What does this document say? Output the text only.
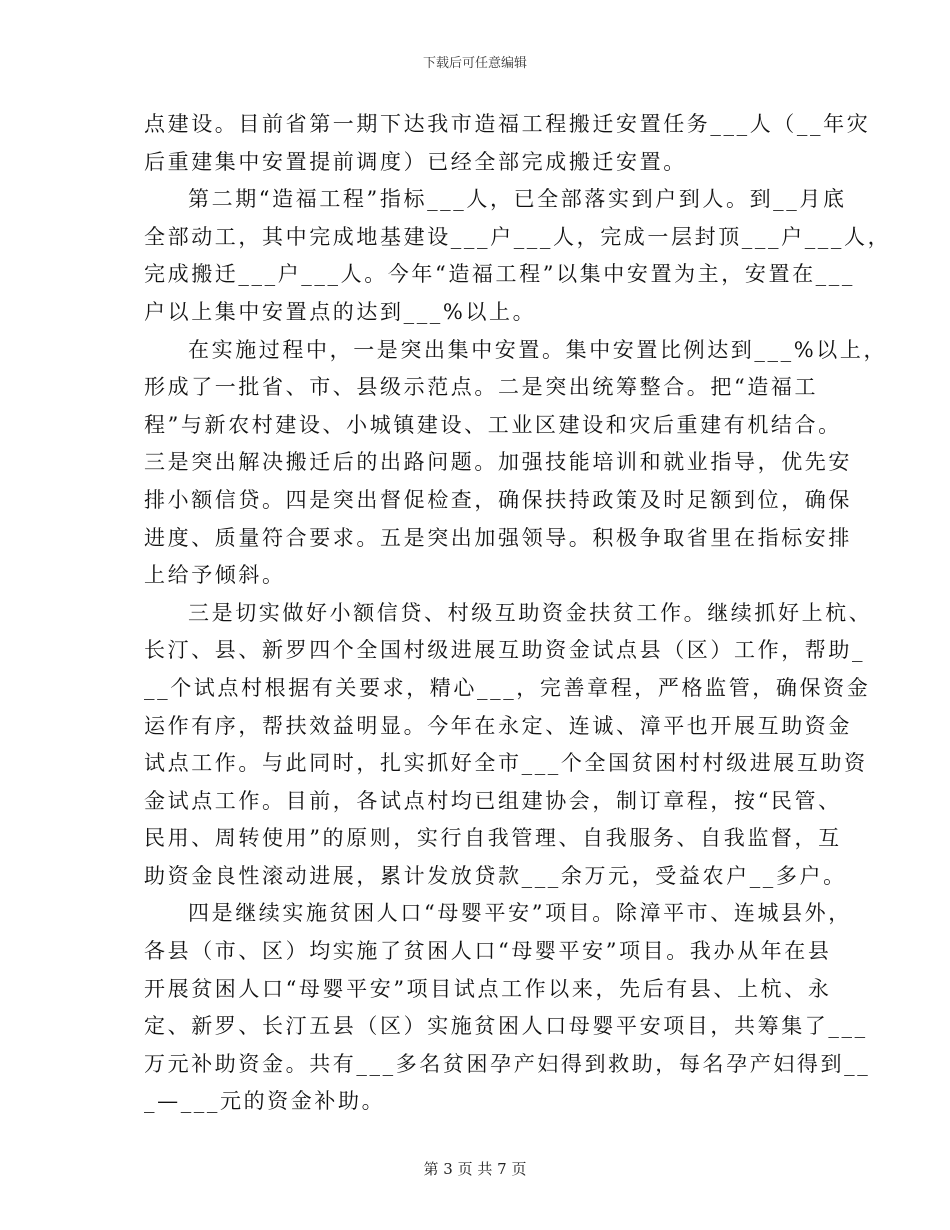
下载后可任意编辑
点建设。目前省第一期下达我市造福工程搬迁安置任务___人（__年灾
后重建集中安置提前调度）已经全部完成搬迁安置。
第二期“造福工程”指标___人，已全部落实到户到人。到__月底
全部动工，其中完成地基建设___户___人，完成一层封顶___户___人，
完成搬迁___户___人。今年“造福工程”以集中安置为主，安置在___
户以上集中安置点的达到___%以上。
在实施过程中，一是突出集中安置。集中安置比例达到___%以上，
形成了一批省、市、县级示范点。二是突出统筹整合。把“造福工
程”与新农村建设、小城镇建设、工业区建设和灾后重建有机结合。
三是突出解决搬迁后的出路问题。加强技能培训和就业指导，优先安
排小额信贷。四是突出督促检查，确保扶持政策及时足额到位，确保
进度、质量符合要求。五是突出加强领导。积极争取省里在指标安排
上给予倾斜。
三是切实做好小额信贷、村级互助资金扶贫工作。继续抓好上杭、
长汀、县、新罗四个全国村级进展互助资金试点县（区）工作，帮助_
__个试点村根据有关要求，精心___，完善章程，严格监管，确保资金
运作有序，帮扶效益明显。今年在永定、连诚、漳平也开展互助资金
试点工作。与此同时，扎实抓好全市___个全国贫困村村级进展互助资
金试点工作。目前，各试点村均已组建协会，制订章程，按“民管、
民用、周转使用”的原则，实行自我管理、自我服务、自我监督，互
助资金良性滚动进展，累计发放贷款___余万元，受益农户__多户。
四是继续实施贫困人口“母婴平安”项目。除漳平市、连城县外，
各县（市、区）均实施了贫困人口“母婴平安”项目。我办从年在县
开展贫困人口“母婴平安”项目试点工作以来，先后有县、上杭、永
定、新罗、长汀五县（区）实施贫困人口母婴平安项目，共筹集了___
万元补助资金。共有___多名贫困孕产妇得到救助，每名孕产妇得到__
_—___元的资金补助。
第 3 页 共 7 页
